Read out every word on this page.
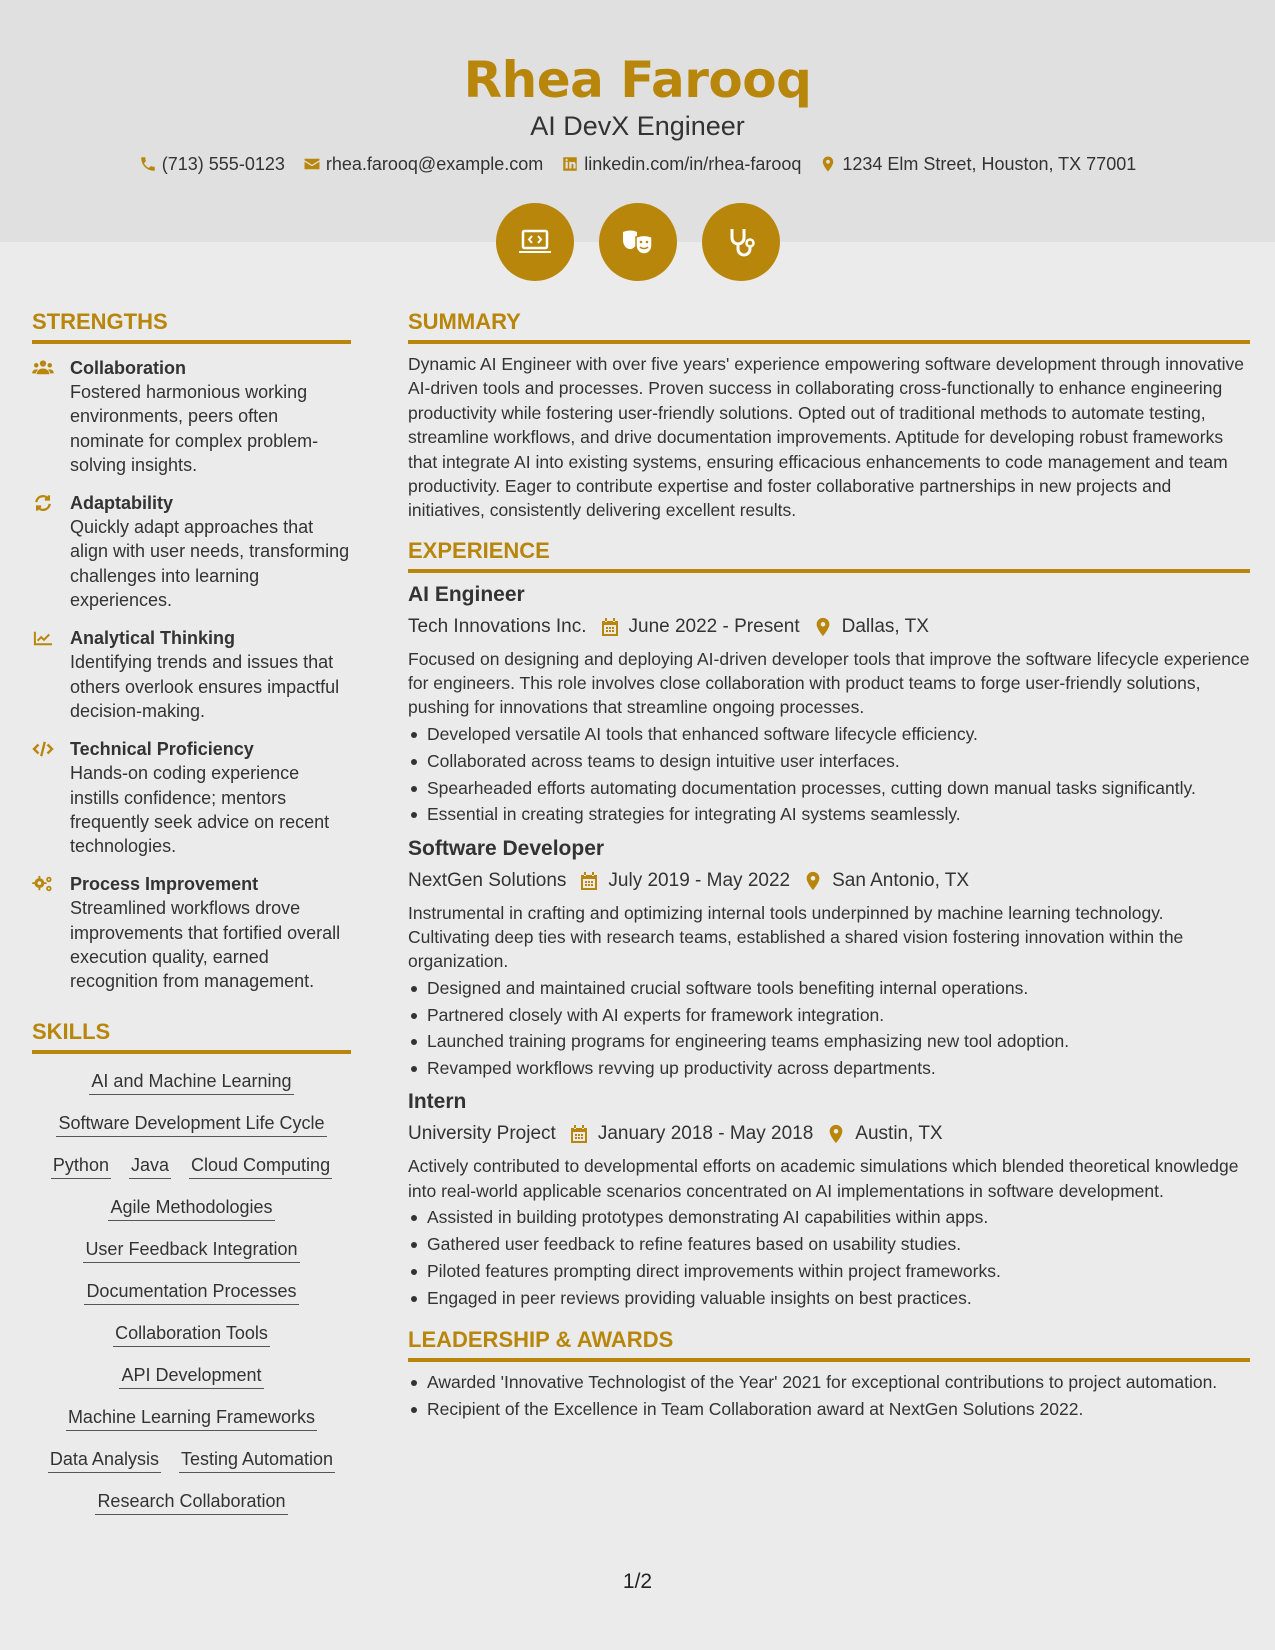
Rhea Farooq
AI DevX Engineer
(713) 555-0123 rhea.farooq@example.com linkedin.com/in/rhea-farooq 1234 Elm Street, Houston, TX 77001
STRENGTHS
Collaboration
Fostered harmonious working environments, peers often nominate for complex problem-solving insights.
Adaptability
Quickly adapt approaches that align with user needs, transforming challenges into learning experiences.
Analytical Thinking
Identifying trends and issues that others overlook ensures impactful decision-making.
Technical Proficiency
Hands-on coding experience instills confidence; mentors frequently seek advice on recent technologies.
Process Improvement
Streamlined workflows drove improvements that fortified overall execution quality, earned recognition from management.
SKILLS
AI and Machine Learning
Software Development Life Cycle
Python Java Cloud Computing
Agile Methodologies
User Feedback Integration
Documentation Processes
Collaboration Tools
API Development
Machine Learning Frameworks
Data Analysis Testing Automation
Research Collaboration
SUMMARY
Dynamic AI Engineer with over five years' experience empowering software development through innovative AI-driven tools and processes. Proven success in collaborating cross-functionally to enhance engineering productivity while fostering user-friendly solutions. Opted out of traditional methods to automate testing, streamline workflows, and drive documentation improvements. Aptitude for developing robust frameworks that integrate AI into existing systems, ensuring efficacious enhancements to code management and team productivity. Eager to contribute expertise and foster collaborative partnerships in new projects and initiatives, consistently delivering excellent results.
EXPERIENCE
AI Engineer
Tech Innovations Inc. June 2022 - Present Dallas, TX
Focused on designing and deploying AI-driven developer tools that improve the software lifecycle experience for engineers. This role involves close collaboration with product teams to forge user-friendly solutions, pushing for innovations that streamline ongoing processes.
Developed versatile AI tools that enhanced software lifecycle efficiency.
Collaborated across teams to design intuitive user interfaces.
Spearheaded efforts automating documentation processes, cutting down manual tasks significantly.
Essential in creating strategies for integrating AI systems seamlessly.
Software Developer
NextGen Solutions July 2019 - May 2022 San Antonio, TX
Instrumental in crafting and optimizing internal tools underpinned by machine learning technology. Cultivating deep ties with research teams, established a shared vision fostering innovation within the organization.
Designed and maintained crucial software tools benefiting internal operations.
Partnered closely with AI experts for framework integration.
Launched training programs for engineering teams emphasizing new tool adoption.
Revamped workflows revving up productivity across departments.
Intern
University Project January 2018 - May 2018 Austin, TX
Actively contributed to developmental efforts on academic simulations which blended theoretical knowledge into real-world applicable scenarios concentrated on AI implementations in software development.
Assisted in building prototypes demonstrating AI capabilities within apps.
Gathered user feedback to refine features based on usability studies.
Piloted features prompting direct improvements within project frameworks.
Engaged in peer reviews providing valuable insights on best practices.
LEADERSHIP & AWARDS
Awarded 'Innovative Technologist of the Year' 2021 for exceptional contributions to project automation.
Recipient of the Excellence in Team Collaboration award at NextGen Solutions 2022.
1/2
